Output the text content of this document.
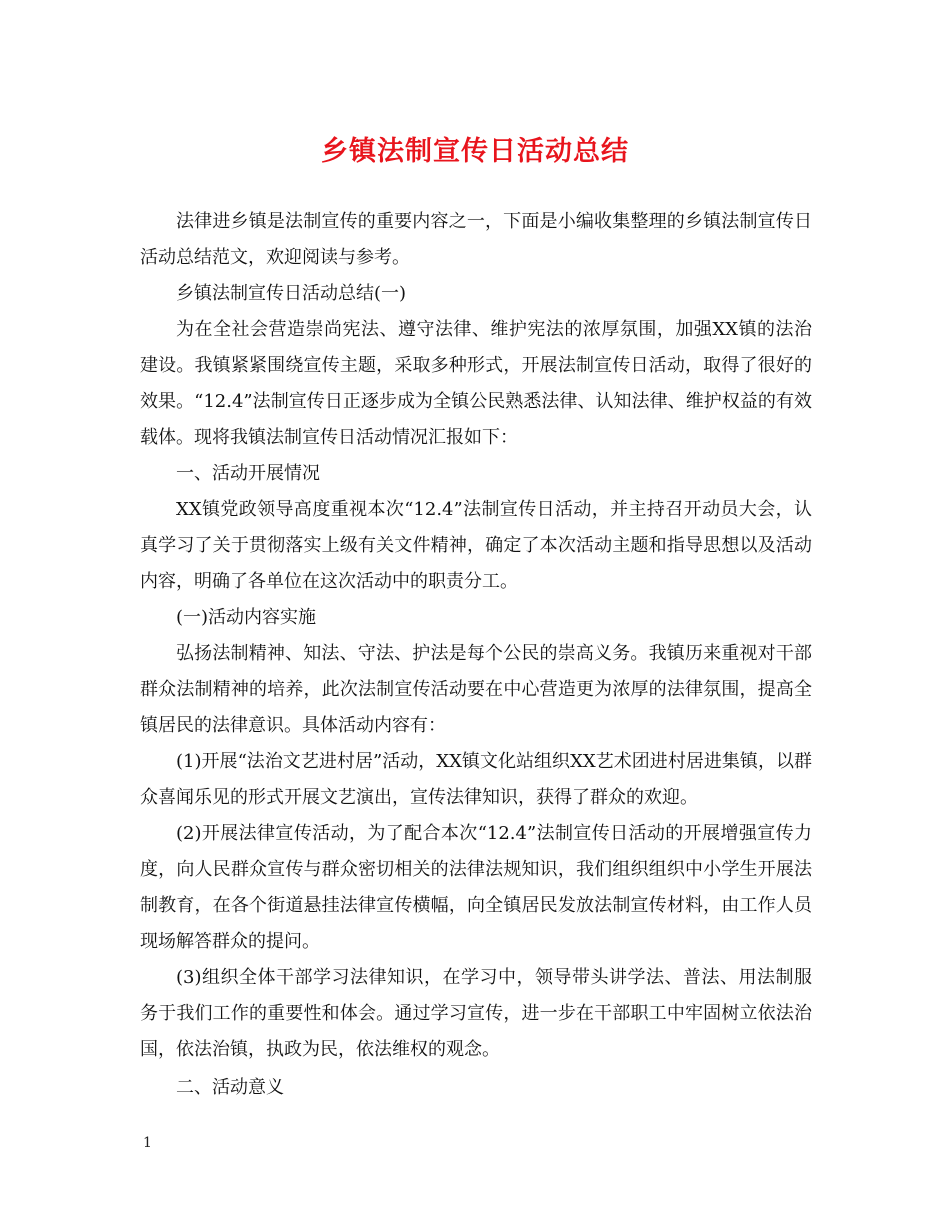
乡镇法制宣传日活动总结

法律进乡镇是法制宣传的重要内容之一，下面是小编收集整理的乡镇法制宣传日活动总结范文，欢迎阅读与参考。

乡镇法制宣传日活动总结(一)

为在全社会营造崇尚宪法、遵守法律、维护宪法的浓厚氛围，加强XX镇的法治建设。我镇紧紧围绕宣传主题，采取多种形式，开展法制宣传日活动，取得了很好的效果。“12.4”法制宣传日正逐步成为全镇公民熟悉法律、认知法律、维护权益的有效载体。现将我镇法制宣传日活动情况汇报如下：

一、活动开展情况

XX镇党政领导高度重视本次“12.4”法制宣传日活动，并主持召开动员大会，认真学习了关于贯彻落实上级有关文件精神，确定了本次活动主题和指导思想以及活动内容，明确了各单位在这次活动中的职责分工。

(一)活动内容实施

弘扬法制精神、知法、守法、护法是每个公民的崇高义务。我镇历来重视对干部群众法制精神的培养，此次法制宣传活动要在中心营造更为浓厚的法律氛围，提高全镇居民的法律意识。具体活动内容有：

(1)开展“法治文艺进村居”活动，XX镇文化站组织XX艺术团进村居进集镇，以群众喜闻乐见的形式开展文艺演出，宣传法律知识，获得了群众的欢迎。

(2)开展法律宣传活动，为了配合本次“12.4”法制宣传日活动的开展增强宣传力度，向人民群众宣传与群众密切相关的法律法规知识，我们组织组织中小学生开展法制教育，在各个街道悬挂法律宣传横幅，向全镇居民发放法制宣传材料，由工作人员现场解答群众的提问。

(3)组织全体干部学习法律知识，在学习中，领导带头讲学法、普法、用法制服务于我们工作的重要性和体会。通过学习宣传，进一步在干部职工中牢固树立依法治国，依法治镇，执政为民，依法维权的观念。

二、活动意义

1
